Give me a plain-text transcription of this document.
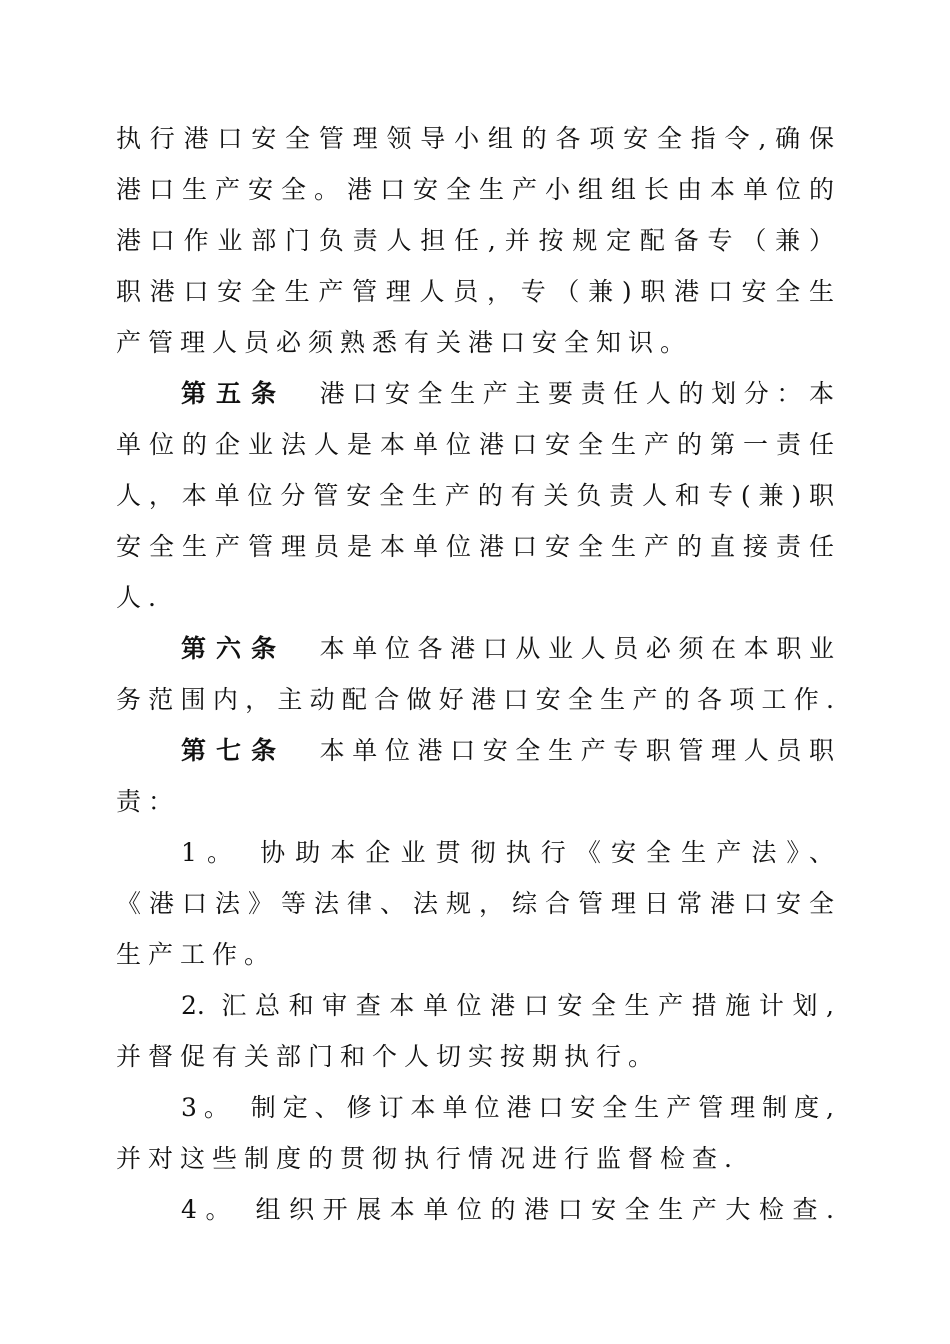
执行港口安全管理领导小组的各项安全指令,确保
港口生产安全。港口安全生产小组组长由本单位的
港口作业部门负责人担任,并按规定配备专（兼）
职港口安全生产管理人员，专（兼)职港口安全生
产管理人员必须熟悉有关港口安全知识。
第五条 港口安全生产主要责任人的划分：本
单位的企业法人是本单位港口安全生产的第一责任
人，本单位分管安全生产的有关负责人和专(兼)职
安全生产管理员是本单位港口安全生产的直接责任
人.
第六条 本单位各港口从业人员必须在本职业
务范围内，主动配合做好港口安全生产的各项工作.
第七条 本单位港口安全生产专职管理人员职
责：
1。 协助本企业贯彻执行《安全生产法》、
《港口法》等法律、法规，综合管理日常港口安全
生产工作。
2. 汇总和审查本单位港口安全生产措施计划,
并督促有关部门和个人切实按期执行。
3。 制定、修订本单位港口安全生产管理制度,
并对这些制度的贯彻执行情况进行监督检查.
4。 组织开展本单位的港口安全生产大检查.
